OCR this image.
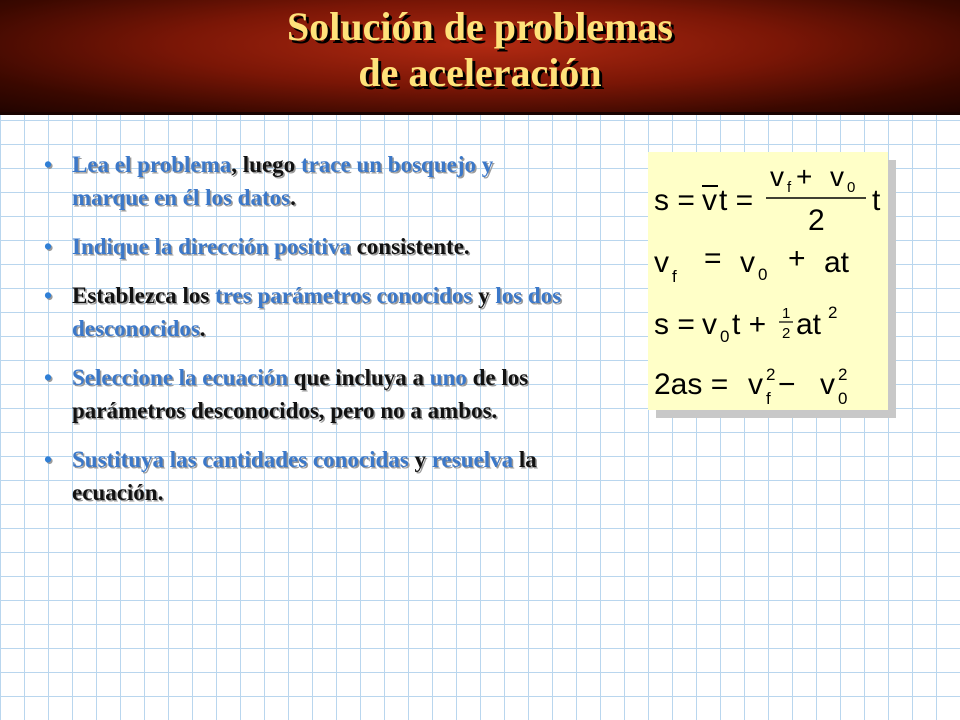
Solución de problemas
de aceleración
• Lea el problema, luego trace un bosquejo y marque en él los datos.
• Indique la dirección positiva consistente.
• Establezca los tres parámetros conocidos y los dos desconocidos.
• Seleccione la ecuación que incluya a uno de los parámetros desconocidos, pero no a ambos.
• Sustituya las cantidades conocidas y resuelva la ecuación.
s = v t =
v f + v 0
2
t
v f
= v 0 + at
s = v 0 t + 1
2 at 2
2as = v 2
f − v 2
0
